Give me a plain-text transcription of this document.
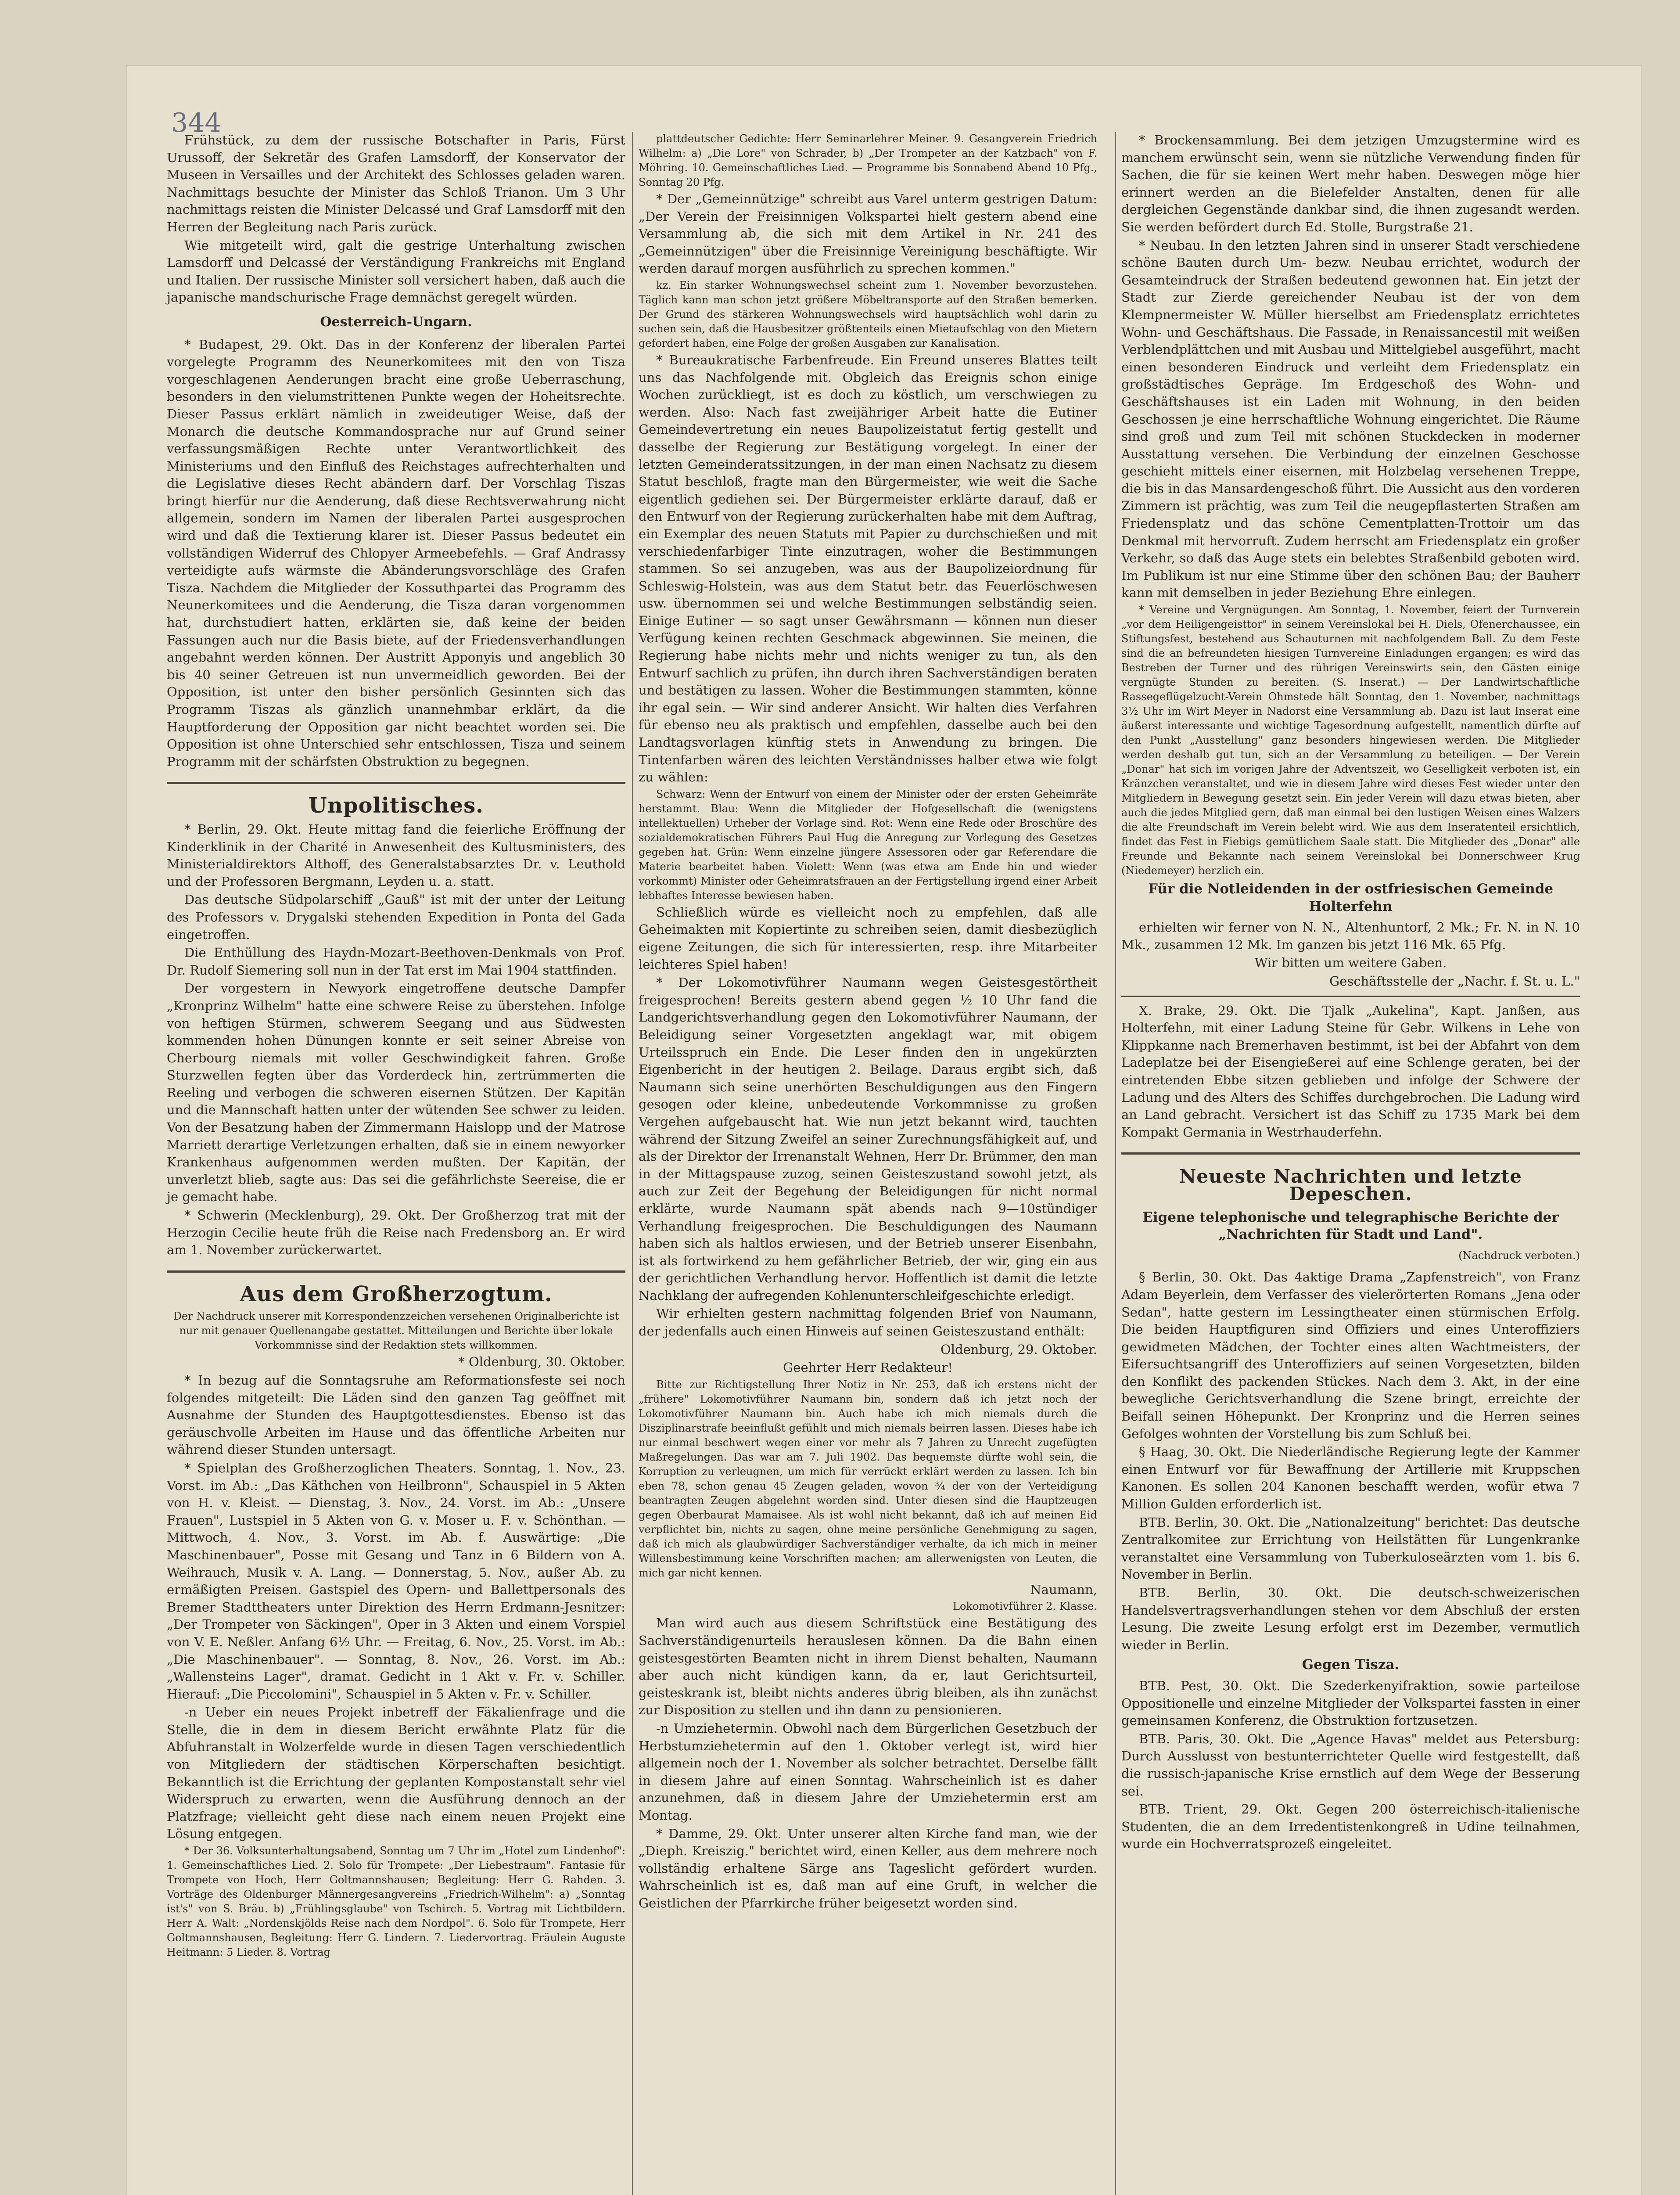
344

Frühstück, zu dem der russische Botschafter in Paris, Fürst Urussoff, der Sekretär des Grafen Lamsdorff, der Konservator der Museen in Versailles und der Architekt des Schlosses geladen waren. Nachmittags besuchte der Minister das Schloß Trianon. Um 3 Uhr nachmittags reisten die Minister Delcassé und Graf Lamsdorff mit den Herren der Begleitung nach Paris zurück.

Wie mitgeteilt wird, galt die gestrige Unterhaltung zwischen Lamsdorff und Delcassé der Verständigung Frankreichs mit England und Italien. Der russische Minister soll versichert haben, daß auch die japanische mandschurische Frage demnächst geregelt würden.

Oesterreich-Ungarn.

* Budapest, 29. Okt. Das in der Konferenz der liberalen Partei vorgelegte Programm des Neunerkomitees mit den von Tisza vorgeschlagenen Aenderungen bracht eine große Ueberraschung, besonders in den vielumstrittenen Punkte wegen der Hoheitsrechte. Dieser Passus erklärt nämlich in zweideutiger Weise, daß der Monarch die deutsche Kommandosprache nur auf Grund seiner verfassungsmäßigen Rechte unter Verantwortlichkeit des Ministeriums und den Einfluß des Reichstages aufrechterhalten und die Legislative dieses Recht abändern darf. Der Vorschlag Tiszas bringt hierfür nur die Aenderung, daß diese Rechtsverwahrung nicht allgemein, sondern im Namen der liberalen Partei ausgesprochen wird und daß die Textierung klarer ist. Dieser Passus bedeutet ein vollständigen Widerruf des Chlopyer Armeebefehls. — Graf Andrassy verteidigte aufs wärmste die Abänderungsvorschläge des Grafen Tisza. Nachdem die Mitglieder der Kossuthpartei das Programm des Neunerkomitees und die Aenderung, die Tisza daran vorgenommen hat, durchstudiert hatten, erklärten sie, daß keine der beiden Fassungen auch nur die Basis biete, auf der Friedensverhandlungen angebahnt werden können. Der Austritt Apponyis und angeblich 30 bis 40 seiner Getreuen ist nun unvermeidlich geworden. Bei der Opposition, ist unter den bisher persönlich Gesinnten sich das Programm Tiszas als gänzlich unannehmbar erklärt, da die Hauptforderung der Opposition gar nicht beachtet worden sei. Die Opposition ist ohne Unterschied sehr entschlossen, Tisza und seinem Programm mit der schärfsten Obstruktion zu begegnen.

Unpolitisches.

* Berlin, 29. Okt. Heute mittag fand die feierliche Eröffnung der Kinderklinik in der Charité in Anwesenheit des Kultusministers, des Ministerialdirektors Althoff, des Generalstabsarztes Dr. v. Leuthold und der Professoren Bergmann, Leyden u. a. statt.

Das deutsche Südpolarschiff „Gauß" ist mit der unter der Leitung des Professors v. Drygalski stehenden Expedition in Ponta del Gada eingetroffen.

Die Enthüllung des Haydn-Mozart-Beethoven-Denkmals von Prof. Dr. Rudolf Siemering soll nun in der Tat erst im Mai 1904 stattfinden.

Der vorgestern in Newyork eingetroffene deutsche Dampfer „Kronprinz Wilhelm" hatte eine schwere Reise zu überstehen. Infolge von heftigen Stürmen, schwerem Seegang und aus Südwesten kommenden hohen Dünungen konnte er seit seiner Abreise von Cherbourg niemals mit voller Geschwindigkeit fahren. Große Sturzwellen fegten über das Vorderdeck hin, zertrümmerten die Reeling und verbogen die schweren eisernen Stützen. Der Kapitän und die Mannschaft hatten unter der wütenden See schwer zu leiden. Von der Besatzung haben der Zimmermann Haislopp und der Matrose Marriett derartige Verletzungen erhalten, daß sie in einem newyorker Krankenhaus aufgenommen werden mußten. Der Kapitän, der unverletzt blieb, sagte aus: Das sei die gefährlichste Seereise, die er je gemacht habe.

* Schwerin (Mecklenburg), 29. Okt. Der Großherzog trat mit der Herzogin Cecilie heute früh die Reise nach Fredensborg an. Er wird am 1. November zurückerwartet.

Aus dem Großherzogtum.

Der Nachdruck unserer mit Korrespondenzzeichen versehenen Originalberichte ist nur mit genauer Quellenangabe gestattet. Mitteilungen und Berichte über lokale Vorkommnisse sind der Redaktion stets willkommen.

* Oldenburg, 30. Oktober.

* In bezug auf die Sonntagsruhe am Reformationsfeste sei noch folgendes mitgeteilt: Die Läden sind den ganzen Tag geöffnet mit Ausnahme der Stunden des Hauptgottesdienstes. Ebenso ist das geräuschvolle Arbeiten im Hause und das öffentliche Arbeiten nur während dieser Stunden untersagt.

* Spielplan des Großherzoglichen Theaters. Sonntag, 1. Nov., 23. Vorst. im Ab.: „Das Käthchen von Heilbronn", Schauspiel in 5 Akten von H. v. Kleist. — Dienstag, 3. Nov., 24. Vorst. im Ab.: „Unsere Frauen", Lustspiel in 5 Akten von G. v. Moser u. F. v. Schönthan. — Mittwoch, 4. Nov., 3. Vorst. im Ab. f. Auswärtige: „Die Maschinenbauer", Posse mit Gesang und Tanz in 6 Bildern von A. Weihrauch, Musik v. A. Lang. — Donnerstag, 5. Nov., außer Ab. zu ermäßigten Preisen. Gastspiel des Opern- und Ballettpersonals des Bremer Stadttheaters unter Direktion des Herrn Erdmann-Jesnitzer: „Der Trompeter von Säckingen", Oper in 3 Akten und einem Vorspiel von V. E. Neßler. Anfang 6½ Uhr. — Freitag, 6. Nov., 25. Vorst. im Ab.: „Die Maschinenbauer". — Sonntag, 8. Nov., 26. Vorst. im Ab.: „Wallensteins Lager", dramat. Gedicht in 1 Akt v. Fr. v. Schiller. Hierauf: „Die Piccolomini", Schauspiel in 5 Akten v. Fr. v. Schiller.

-n Ueber ein neues Projekt inbetreff der Fäkalienfrage und die Stelle, die in dem in diesem Bericht erwähnte Platz für die Abfuhranstalt in Wolzerfelde wurde in diesen Tagen verschiedentlich von Mitgliedern der städtischen Körperschaften besichtigt. Bekanntlich ist die Errichtung der geplanten Kompostanstalt sehr viel Widerspruch zu erwarten, wenn die Ausführung dennoch an der Platzfrage; vielleicht geht diese nach einem neuen Projekt eine Lösung entgegen.

* Der 36. Volksunterhaltungsabend, Sonntag um 7 Uhr im „Hotel zum Lindenhof": 1. Gemeinschaftliches Lied. 2. Solo für Trompete: „Der Liebestraum". Fantasie für Trompete von Hoch, Herr Goltmannshausen; Begleitung: Herr G. Rahden. 3. Vorträge des Oldenburger Männergesangvereins „Friedrich-Wilhelm": a) „Sonntag ist's" von S. Bräu. b) „Frühlingsglaube" von Tschirch. 5. Vortrag mit Lichtbildern. Herr A. Walt: „Nordenskjölds Reise nach dem Nordpol". 6. Solo für Trompete, Herr Goltmannshausen, Begleitung: Herr G. Lindern. 7. Liedervortrag. Fräulein Auguste Heitmann: 5 Lieder. 8. Vortrag

plattdeutscher Gedichte: Herr Seminarlehrer Meiner. 9. Gesangverein Friedrich Wilhelm: a) „Die Lore" von Schrader, b) „Der Trompeter an der Katzbach" von F. Möhring. 10. Gemeinschaftliches Lied. — Programme bis Sonnabend Abend 10 Pfg., Sonntag 20 Pfg.

* Der „Gemeinnützige" schreibt aus Varel unterm gestrigen Datum: „Der Verein der Freisinnigen Volkspartei hielt gestern abend eine Versammlung ab, die sich mit dem Artikel in Nr. 241 des „Gemeinnützigen" über die Freisinnige Vereinigung beschäftigte. Wir werden darauf morgen ausführlich zu sprechen kommen."

kz. Ein starker Wohnungswechsel scheint zum 1. November bevorzustehen. Täglich kann man schon jetzt größere Möbeltransporte auf den Straßen bemerken. Der Grund des stärkeren Wohnungswechsels wird hauptsächlich wohl darin zu suchen sein, daß die Hausbesitzer größtenteils einen Mietaufschlag von den Mietern gefordert haben, eine Folge der großen Ausgaben zur Kanalisation.

* Bureaukratische Farbenfreude. Ein Freund unseres Blattes teilt uns das Nachfolgende mit. Obgleich das Ereignis schon einige Wochen zurückliegt, ist es doch zu köstlich, um verschwiegen zu werden. Also: Nach fast zweijähriger Arbeit hatte die Eutiner Gemeindevertretung ein neues Baupolizeistatut fertig gestellt und dasselbe der Regierung zur Bestätigung vorgelegt. In einer der letzten Gemeinderatssitzungen, in der man einen Nachsatz zu diesem Statut beschloß, fragte man den Bürgermeister, wie weit die Sache eigentlich gediehen sei. Der Bürgermeister erklärte darauf, daß er den Entwurf von der Regierung zurückerhalten habe mit dem Auftrag, ein Exemplar des neuen Statuts mit Papier zu durchschießen und mit verschiedenfarbiger Tinte einzutragen, woher die Bestimmungen stammen. So sei anzugeben, was aus der Baupolizeiordnung für Schleswig-Holstein, was aus dem Statut betr. das Feuerlöschwesen usw. übernommen sei und welche Bestimmungen selbständig seien. Einige Eutiner — so sagt unser Gewährsmann — können nun dieser Verfügung keinen rechten Geschmack abgewinnen. Sie meinen, die Regierung habe nichts mehr und nichts weniger zu tun, als den Entwurf sachlich zu prüfen, ihn durch ihren Sachverständigen beraten und bestätigen zu lassen. Woher die Bestimmungen stammten, könne ihr egal sein. — Wir sind anderer Ansicht. Wir halten dies Verfahren für ebenso neu als praktisch und empfehlen, dasselbe auch bei den Landtagsvorlagen künftig stets in Anwendung zu bringen. Die Tintenfarben wären des leichten Verständnisses halber etwa wie folgt zu wählen:

Schwarz: Wenn der Entwurf von einem der Minister oder der ersten Geheimräte herstammt. Blau: Wenn die Mitglieder der Hofgesellschaft die (wenigstens intellektuellen) Urheber der Vorlage sind. Rot: Wenn eine Rede oder Broschüre des sozialdemokratischen Führers Paul Hug die Anregung zur Vorlegung des Gesetzes gegeben hat. Grün: Wenn einzelne jüngere Assessoren oder gar Referendare die Materie bearbeitet haben. Violett: Wenn (was etwa am Ende hin und wieder vorkommt) Minister oder Geheimratsfrauen an der Fertigstellung irgend einer Arbeit lebhaftes Interesse bewiesen haben.

Schließlich würde es vielleicht noch zu empfehlen, daß alle Geheimakten mit Kopiertinte zu schreiben seien, damit diesbezüglich eigene Zeitungen, die sich für interessierten, resp. ihre Mitarbeiter leichteres Spiel haben!

* Der Lokomotivführer Naumann wegen Geistesgestörtheit freigesprochen! Bereits gestern abend gegen ½ 10 Uhr fand die Landgerichtsverhandlung gegen den Lokomotivführer Naumann, der Beleidigung seiner Vorgesetzten angeklagt war, mit obigem Urteilsspruch ein Ende. Die Leser finden den in ungekürzten Eigenbericht in der heutigen 2. Beilage. Daraus ergibt sich, daß Naumann sich seine unerhörten Beschuldigungen aus den Fingern gesogen oder kleine, unbedeutende Vorkommnisse zu großen Vergehen aufgebauscht hat. Wie nun jetzt bekannt wird, tauchten während der Sitzung Zweifel an seiner Zurechnungsfähigkeit auf, und als der Direktor der Irrenanstalt Wehnen, Herr Dr. Brümmer, den man in der Mittagspause zuzog, seinen Geisteszustand sowohl jetzt, als auch zur Zeit der Begehung der Beleidigungen für nicht normal erklärte, wurde Naumann spät abends nach 9—10stündiger Verhandlung freigesprochen. Die Beschuldigungen des Naumann haben sich als haltlos erwiesen, und der Betrieb unserer Eisenbahn, ist als fortwirkend zu hem gefährlicher Betrieb, der wir, ging ein aus der gerichtlichen Verhandlung hervor. Hoffentlich ist damit die letzte Nachklang der aufregenden Kohlenunterschleifgeschichte erledigt.

Wir erhielten gestern nachmittag folgenden Brief von Naumann, der jedenfalls auch einen Hinweis auf seinen Geisteszustand enthält:

Oldenburg, 29. Oktober.

Geehrter Herr Redakteur!

Bitte zur Richtigstellung Ihrer Notiz in Nr. 253, daß ich erstens nicht der „frühere" Lokomotivführer Naumann bin, sondern daß ich jetzt noch der Lokomotivführer Naumann bin. Auch habe ich mich niemals durch die Disziplinarstrafe beeinflußt gefühlt und mich niemals beirren lassen. Dieses habe ich nur einmal beschwert wegen einer vor mehr als 7 Jahren zu Unrecht zugefügten Maßregelungen. Das war am 7. Juli 1902. Das bequemste dürfte wohl sein, die Korruption zu verleugnen, um mich für verrückt erklärt werden zu lassen. Ich bin eben 78, schon genau 45 Zeugen geladen, wovon ¾ der von der Verteidigung beantragten Zeugen abgelehnt worden sind. Unter diesen sind die Hauptzeugen gegen Oberbaurat Mamaisee. Als ist wohl nicht bekannt, daß ich auf meinen Eid verpflichtet bin, nichts zu sagen, ohne meine persönliche Genehmigung zu sagen, daß ich mich als glaubwürdiger Sachverständiger verhalte, da ich mich in meiner Willensbestimmung keine Vorschriften machen; am allerwenigsten von Leuten, die mich gar nicht kennen.

Naumann,

Lokomotivführer 2. Klasse.

Man wird auch aus diesem Schriftstück eine Bestätigung des Sachverständigenurteils herauslesen können. Da die Bahn einen geistesgestörten Beamten nicht in ihrem Dienst behalten, Naumann aber auch nicht kündigen kann, da er, laut Gerichtsurteil, geisteskrank ist, bleibt nichts anderes übrig bleiben, als ihn zunächst zur Disposition zu stellen und ihn dann zu pensionieren.

-n Umziehetermin. Obwohl nach dem Bürgerlichen Gesetzbuch der Herbstumziehetermin auf den 1. Oktober verlegt ist, wird hier allgemein noch der 1. November als solcher betrachtet. Derselbe fällt in diesem Jahre auf einen Sonntag. Wahrscheinlich ist es daher anzunehmen, daß in diesem Jahre der Umziehetermin erst am Montag.

* Damme, 29. Okt. Unter unserer alten Kirche fand man, wie der „Dieph. Kreiszig." berichtet wird, einen Keller, aus dem mehrere noch vollständig erhaltene Särge ans Tageslicht gefördert wurden. Wahrscheinlich ist es, daß man auf eine Gruft, in welcher die Geistlichen der Pfarrkirche früher beigesetzt worden sind.

* Brockensammlung. Bei dem jetzigen Umzugstermine wird es manchem erwünscht sein, wenn sie nützliche Verwendung finden für Sachen, die für sie keinen Wert mehr haben. Deswegen möge hier erinnert werden an die Bielefelder Anstalten, denen für alle dergleichen Gegenstände dankbar sind, die ihnen zugesandt werden. Sie werden befördert durch Ed. Stolle, Burgstraße 21.

* Neubau. In den letzten Jahren sind in unserer Stadt verschiedene schöne Bauten durch Um- bezw. Neubau errichtet, wodurch der Gesamteindruck der Straßen bedeutend gewonnen hat. Ein jetzt der Stadt zur Zierde gereichender Neubau ist der von dem Klempnermeister W. Müller hierselbst am Friedensplatz errichtetes Wohn- und Geschäftshaus. Die Fassade, in Renaissancestil mit weißen Verblendplättchen und mit Ausbau und Mittelgiebel ausgeführt, macht einen besonderen Eindruck und verleiht dem Friedensplatz ein großstädtisches Gepräge. Im Erdgeschoß des Wohn- und Geschäftshauses ist ein Laden mit Wohnung, in den beiden Geschossen je eine herrschaftliche Wohnung eingerichtet. Die Räume sind groß und zum Teil mit schönen Stuckdecken in moderner Ausstattung versehen. Die Verbindung der einzelnen Geschosse geschieht mittels einer eisernen, mit Holzbelag versehenen Treppe, die bis in das Mansardengeschoß führt. Die Aussicht aus den vorderen Zimmern ist prächtig, was zum Teil die neugepflasterten Straßen am Friedensplatz und das schöne Cementplatten-Trottoir um das Denkmal mit hervorruft. Zudem herrscht am Friedensplatz ein großer Verkehr, so daß das Auge stets ein belebtes Straßenbild geboten wird. Im Publikum ist nur eine Stimme über den schönen Bau; der Bauherr kann mit demselben in jeder Beziehung Ehre einlegen.

* Vereine und Vergnügungen. Am Sonntag, 1. November, feiert der Turnverein „vor dem Heiligengeisttor" in seinem Vereinslokal bei H. Diels, Ofenerchaussee, ein Stiftungsfest, bestehend aus Schauturnen mit nachfolgendem Ball. Zu dem Feste sind die an befreundeten hiesigen Turnvereine Einladungen ergangen; es wird das Bestreben der Turner und des rührigen Vereinswirts sein, den Gästen einige vergnügte Stunden zu bereiten. (S. Inserat.) — Der Landwirtschaftliche Rassegeflügelzucht-Verein Ohmstede hält Sonntag, den 1. November, nachmittags 3½ Uhr im Wirt Meyer in Nadorst eine Versammlung ab. Dazu ist laut Inserat eine äußerst interessante und wichtige Tagesordnung aufgestellt, namentlich dürfte auf den Punkt „Ausstellung" ganz besonders hingewiesen werden. Die Mitglieder werden deshalb gut tun, sich an der Versammlung zu beteiligen. — Der Verein „Donar" hat sich im vorigen Jahre der Adventszeit, wo Geselligkeit verboten ist, ein Kränzchen veranstaltet, und wie in diesem Jahre wird dieses Fest wieder unter den Mitgliedern in Bewegung gesetzt sein. Ein jeder Verein will dazu etwas bieten, aber auch die jedes Mitglied gern, daß man einmal bei den lustigen Weisen eines Walzers die alte Freundschaft im Verein belebt wird. Wie aus dem Inseratenteil ersichtlich, findet das Fest in Fiebigs gemütlichem Saale statt. Die Mitglieder des „Donar" alle Freunde und Bekannte nach seinem Vereinslokal bei Donnerschweer Krug (Niedemeyer) herzlich ein.

Für die Notleidenden in der ostfriesischen Gemeinde Holterfehn

erhielten wir ferner von N. N., Altenhuntorf, 2 Mk.; Fr. N. in N. 10 Mk., zusammen 12 Mk. Im ganzen bis jetzt 116 Mk. 65 Pfg.

Wir bitten um weitere Gaben.

Geschäftsstelle der „Nachr. f. St. u. L."

X. Brake, 29. Okt. Die Tjalk „Aukelina", Kapt. Janßen, aus Holterfehn, mit einer Ladung Steine für Gebr. Wilkens in Lehe von Klippkanne nach Bremerhaven bestimmt, ist bei der Abfahrt von dem Ladeplatze bei der Eisengießerei auf eine Schlenge geraten, bei der eintretenden Ebbe sitzen geblieben und infolge der Schwere der Ladung und des Alters des Schiffes durchgebrochen. Die Ladung wird an Land gebracht. Versichert ist das Schiff zu 1735 Mark bei dem Kompakt Germania in Westrhauderfehn.

Neueste Nachrichten und letzte Depeschen.
Eigene telephonische und telegraphische Berichte der „Nachrichten für Stadt und Land".
(Nachdruck verboten.)

§ Berlin, 30. Okt. Das 4aktige Drama „Zapfenstreich", von Franz Adam Beyerlein, dem Verfasser des vielerörterten Romans „Jena oder Sedan", hatte gestern im Lessingtheater einen stürmischen Erfolg. Die beiden Hauptfiguren sind Offiziers und eines Unteroffiziers gewidmeten Mädchen, der Tochter eines alten Wachtmeisters, der Eifersuchtsangriff des Unteroffiziers auf seinen Vorgesetzten, bilden den Konflikt des packenden Stückes. Nach dem 3. Akt, in der eine bewegliche Gerichtsverhandlung die Szene bringt, erreichte der Beifall seinen Höhepunkt. Der Kronprinz und die Herren seines Gefolges wohnten der Vorstellung bis zum Schluß bei.

§ Haag, 30. Okt. Die Niederländische Regierung legte der Kammer einen Entwurf vor für Bewaffnung der Artillerie mit Kruppschen Kanonen. Es sollen 204 Kanonen beschafft werden, wofür etwa 7 Million Gulden erforderlich ist.

BTB. Berlin, 30. Okt. Die „Nationalzeitung" berichtet: Das deutsche Zentralkomitee zur Errichtung von Heilstätten für Lungenkranke veranstaltet eine Versammlung von Tuberkuloseärzten vom 1. bis 6. November in Berlin.

BTB. Berlin, 30. Okt. Die deutsch-schweizerischen Handelsvertragsverhandlungen stehen vor dem Abschluß der ersten Lesung. Die zweite Lesung erfolgt erst im Dezember, vermutlich wieder in Berlin.

Gegen Tisza.

BTB. Pest, 30. Okt. Die Szederkenyifraktion, sowie parteilose Oppositionelle und einzelne Mitglieder der Volkspartei fassten in einer gemeinsamen Konferenz, die Obstruktion fortzusetzen.

BTB. Paris, 30. Okt. Die „Agence Havas" meldet aus Petersburg: Durch Ausslusst von bestunterrichteter Quelle wird festgestellt, daß die russisch-japanische Krise ernstlich auf dem Wege der Besserung sei.

BTB. Trient, 29. Okt. Gegen 200 österreichisch-italienische Studenten, die an dem Irredentistenkongreß in Udine teilnahmen, wurde ein Hochverratsprozeß eingeleitet.
